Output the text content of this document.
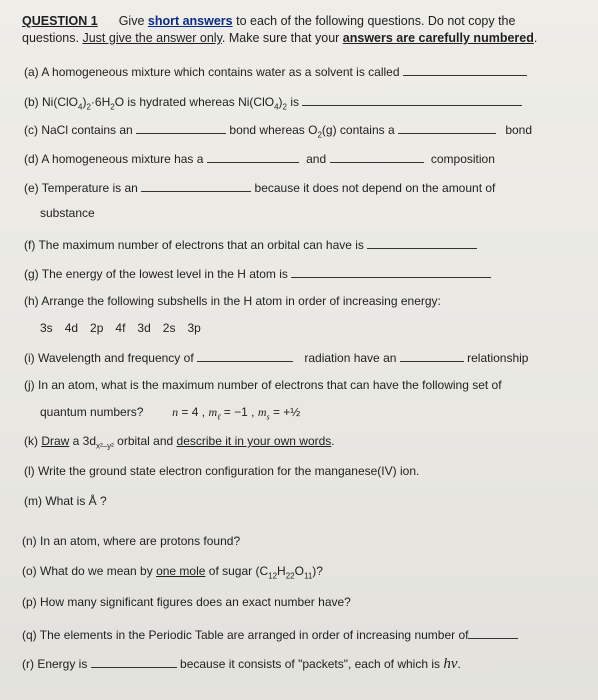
QUESTION 1 Give short answers to each of the following questions. Do not copy the
questions. Just give the answer only. Make sure that your answers are carefully numbered.
(a) A homogeneous mixture which contains water as a solvent is called
(b) $Ni(ClO_4)_2\cdot 6H_2O$ is hydrated whereas $Ni(ClO_4)_2$ is
(c) NaCl contains an	bond whereas $O_2(g)$ contains a	bond
(d) A homogeneous mixture has a	and	composition
(e) Temperature is an	because it does not depend on the amount of
substance
(f) The maximum number of electrons that an orbital can have is
(g) The energy of the lowest level in the H atom is
(h) Arrange the following subshells in the H atom in order of increasing energy:
3s 4d 2p 4f 3d 2s 3p
(i) Wavelength and frequency of	radiation have an	relationship
(j) In an atom, what is the maximum number of electrons that can have the following set of
quantum numbers? n = 4 , $m_\ell = -1$ , $m_s$ = +½
(k) Draw a $3d_{x^2-y^2}$ orbital and describe it in your own words.
(l) Write the ground state electron configuration for the manganese(IV) ion.
(m) What is Å ?
(n) In an atom, where are protons found?
(o) What do we mean by one mole of sugar $(C_{12}H_{22}O_{11})$?
(p) How many significant figures does an exact number have?
(q) The elements in the Periodic Table are arranged in order of increasing number of
(r) Energy is	because it consists of "packets", each of which is hν.
